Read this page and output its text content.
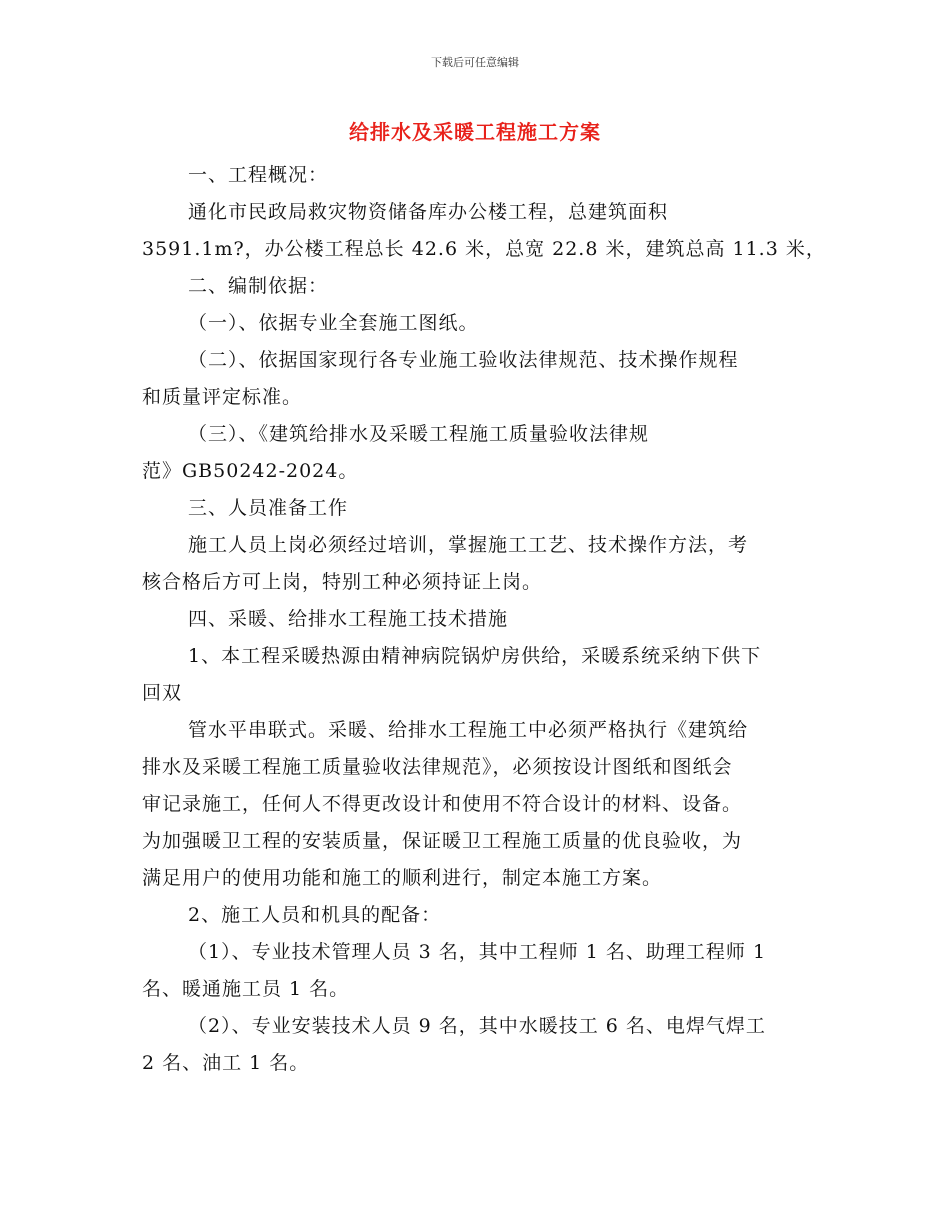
下载后可任意编辑
给排水及采暖工程施工方案
一、工程概况：
通化市民政局救灾物资储备库办公楼工程，总建筑面积
3591.1m?，办公楼工程总长 42.6 米，总宽 22.8 米，建筑总高 11.3 米，
二、编制依据：
（一）、依据专业全套施工图纸。
（二）、依据国家现行各专业施工验收法律规范、技术操作规程
和质量评定标准。
（三）、《建筑给排水及采暖工程施工质量验收法律规
范》GB50242-2024。
三、人员准备工作
施工人员上岗必须经过培训，掌握施工工艺、技术操作方法，考
核合格后方可上岗，特别工种必须持证上岗。
四、采暖、给排水工程施工技术措施
1、本工程采暖热源由精神病院锅炉房供给，采暖系统采纳下供下
回双
管水平串联式。采暖、给排水工程施工中必须严格执行《建筑给
排水及采暖工程施工质量验收法律规范》，必须按设计图纸和图纸会
审记录施工，任何人不得更改设计和使用不符合设计的材料、设备。
为加强暖卫工程的安装质量，保证暖卫工程施工质量的优良验收，为
满足用户的使用功能和施工的顺利进行，制定本施工方案。
2、施工人员和机具的配备：
（1）、专业技术管理人员 3 名，其中工程师 1 名、助理工程师 1
名、暖通施工员 1 名。
（2）、专业安装技术人员 9 名，其中水暖技工 6 名、电焊气焊工
2 名、油工 1 名。
